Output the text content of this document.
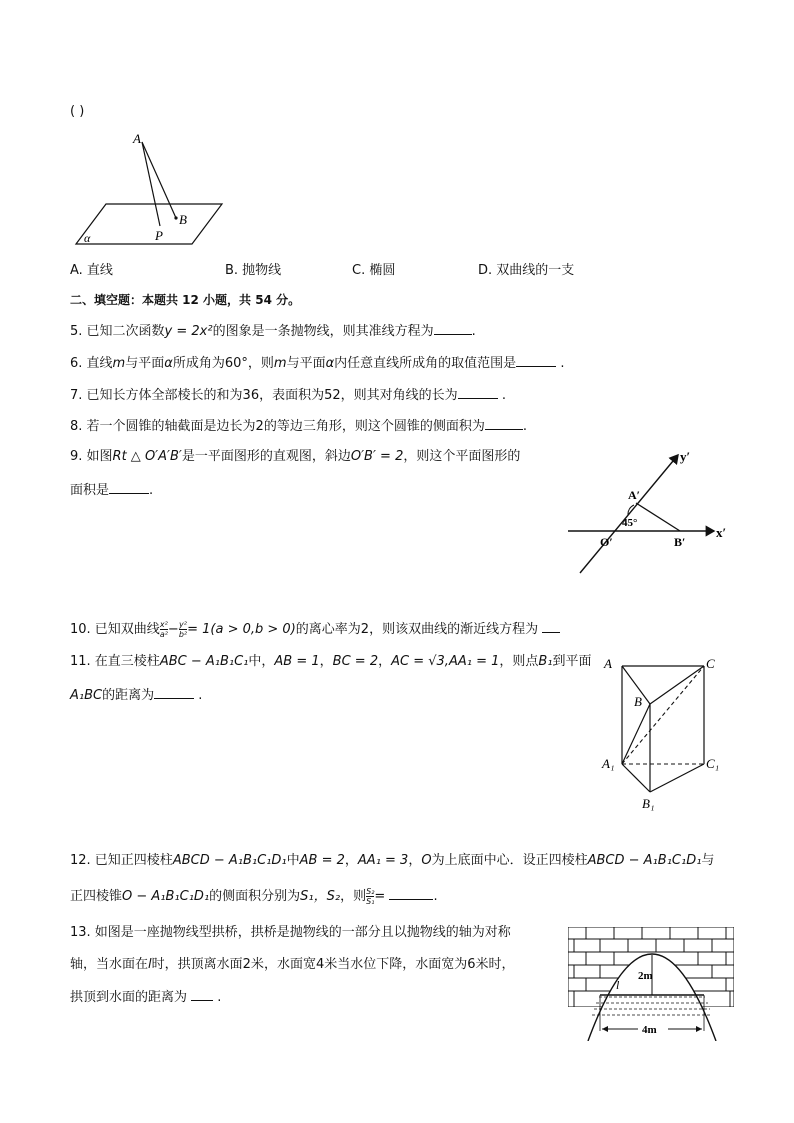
( )
A
B
P
α
A. 直线	B. 抛物线	C. 椭圆	D. 双曲线的一支
二、填空题：本题共 12 小题，共 54 分。
5. 已知二次函数y = 2x²的图象是一条抛物线，则其准线方程为	.
6. 直线m与平面α所成角为60°，则m与平面α内任意直线所成角的取值范围是	.
7. 已知长方体全部棱长的和为36，表面积为52，则其对角线的长为	.
8. 若一个圆锥的轴截面是边长为2的等边三角形，则这个圆锥的侧面积为	.
9. 如图Rt △ O′A′B′是一平面图形的直观图，斜边O′B′ = 2，则这个平面图形的
面积是	.
y′
x′
A′
O′	B′
45°
10. 已知双曲线$\frac{\text{x²}}{\text{a²}}-\frac{\text{y²}}{\text{b²}}= 1(a > 0,b > 0)$的离心率为2，则该双曲线的渐近线方程为
11. 在直三棱柱ABC − A₁B₁C₁中，AB = 1，BC = 2，AC = √3,AA₁ = 1，则点B₁到平面
A₁BC的距离为	.
A	C
B
A₁	C₁
B₁
12. 已知正四棱柱ABCD − A₁B₁C₁D₁中AB = 2，AA₁ = 3，O为上底面中心．设正四棱柱ABCD − A₁B₁C₁D₁与
正四棱锥O − A₁B₁C₁D₁的侧面积分别为S₁，S₂，则$\frac{\text{S₂}}{\text{S₁}}=$	.
13. 如图是一座抛物线型拱桥，拱桥是抛物线的一部分且以抛物线的轴为对称
轴，当水面在l时，拱顶离水面2米，水面宽4米当水位下降，水面宽为6米时，
拱顶到水面的距离为 .
2m
4m
l
